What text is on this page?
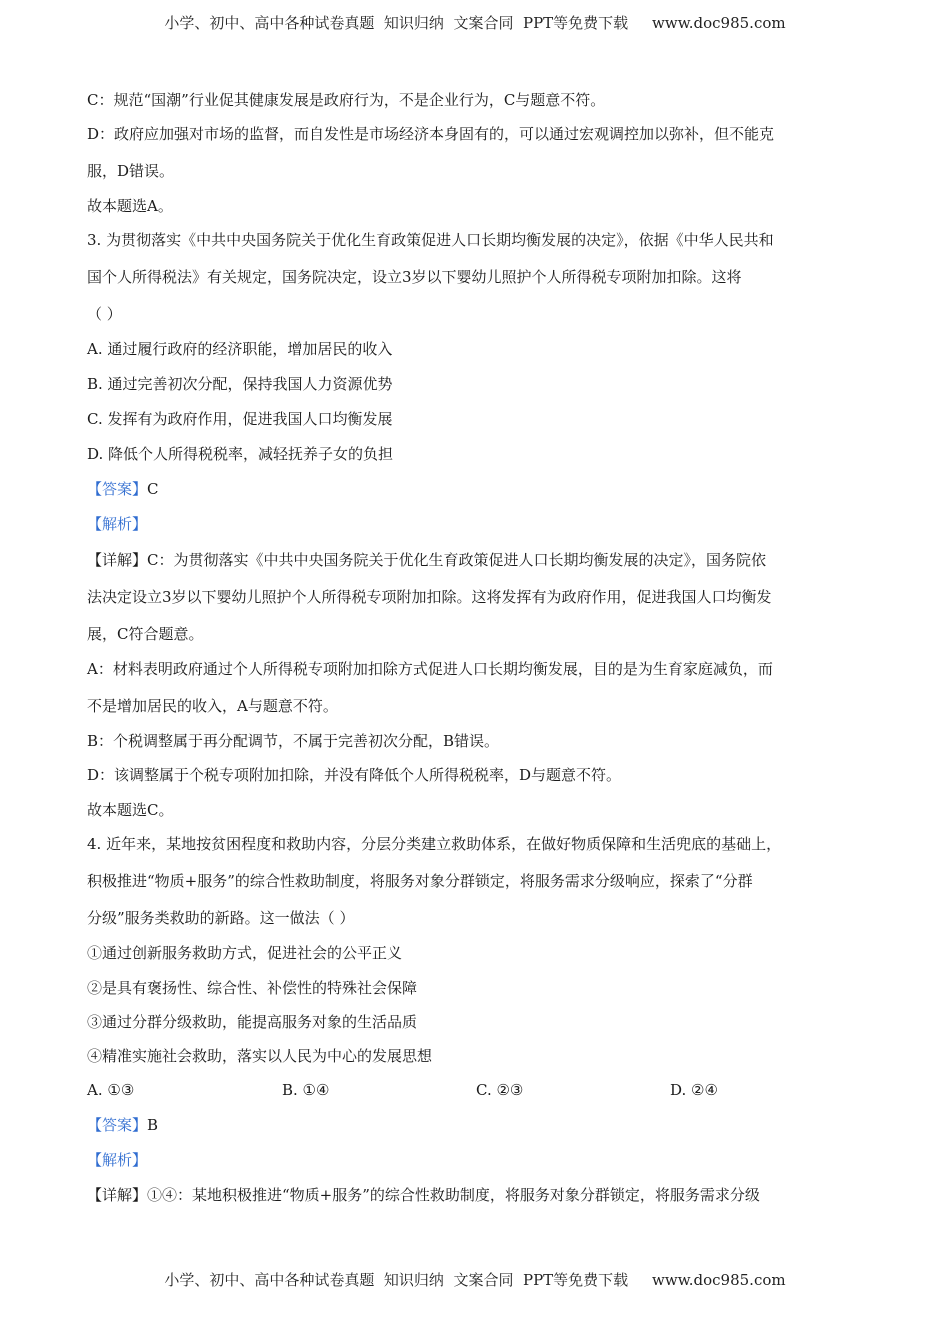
小学、初中、高中各种试卷真题  知识归纳  文案合同  PPT等免费下载     www.doc985.com
C：规范“国潮”行业促其健康发展是政府行为，不是企业行为，C与题意不符。
D：政府应加强对市场的监督，而自发性是市场经济本身固有的，可以通过宏观调控加以弥补，但不能克
服，D错误。
故本题选A。
3. 为贯彻落实《中共中央国务院关于优化生育政策促进人口长期均衡发展的决定》，依据《中华人民共和
国个人所得税法》有关规定，国务院决定，设立3岁以下婴幼儿照护个人所得税专项附加扣除。这将
（ ）
A. 通过履行政府的经济职能，增加居民的收入
B. 通过完善初次分配，保持我国人力资源优势
C. 发挥有为政府作用，促进我国人口均衡发展
D. 降低个人所得税税率，减轻抚养子女的负担
【答案】C
【解析】
【详解】C：为贯彻落实《中共中央国务院关于优化生育政策促进人口长期均衡发展的决定》，国务院依
法决定设立3岁以下婴幼儿照护个人所得税专项附加扣除。这将发挥有为政府作用，促进我国人口均衡发
展，C符合题意。
A：材料表明政府通过个人所得税专项附加扣除方式促进人口长期均衡发展，目的是为生育家庭减负，而
不是增加居民的收入，A与题意不符。
B：个税调整属于再分配调节，不属于完善初次分配，B错误。
D：该调整属于个税专项附加扣除，并没有降低个人所得税税率，D与题意不符。
故本题选C。
4. 近年来，某地按贫困程度和救助内容，分层分类建立救助体系，在做好物质保障和生活兜底的基础上，
积极推进“物质+服务”的综合性救助制度，将服务对象分群锁定，将服务需求分级响应，探索了“分群
分级”服务类救助的新路。这一做法（ ）
①通过创新服务救助方式，促进社会的公平正义
②是具有褒扬性、综合性、补偿性的特殊社会保障
③通过分群分级救助，能提高服务对象的生活品质
④精准实施社会救助，落实以人民为中心的发展思想
A. ①③	B. ①④	C. ②③	D. ②④
【答案】B
【解析】
【详解】①④：某地积极推进“物质+服务”的综合性救助制度，将服务对象分群锁定，将服务需求分级
小学、初中、高中各种试卷真题  知识归纳  文案合同  PPT等免费下载     www.doc985.com
